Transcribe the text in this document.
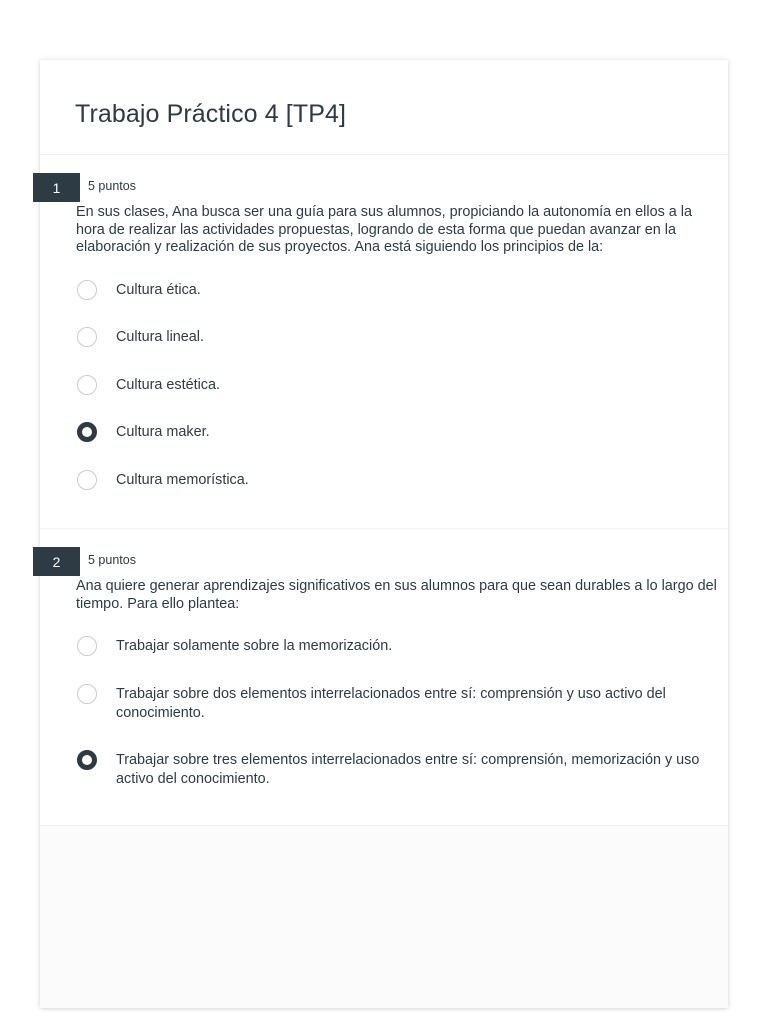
Trabajo Práctico 4 [TP4]
1	5 puntos
En sus clases, Ana busca ser una guía para sus alumnos, propiciando la autonomía en ellos a la hora de realizar las actividades propuestas, logrando de esta forma que puedan avanzar en la elaboración y realización de sus proyectos. Ana está siguiendo los principios de la:
Cultura ética.
Cultura lineal.
Cultura estética.
Cultura maker.
Cultura memorística.
2	5 puntos
Ana quiere generar aprendizajes significativos en sus alumnos para que sean durables a lo largo del tiempo. Para ello plantea:
Trabajar solamente sobre la memorización.
Trabajar sobre dos elementos interrelacionados entre sí: comprensión y uso activo del conocimiento.
Trabajar sobre tres elementos interrelacionados entre sí: comprensión, memorización y uso activo del conocimiento.
